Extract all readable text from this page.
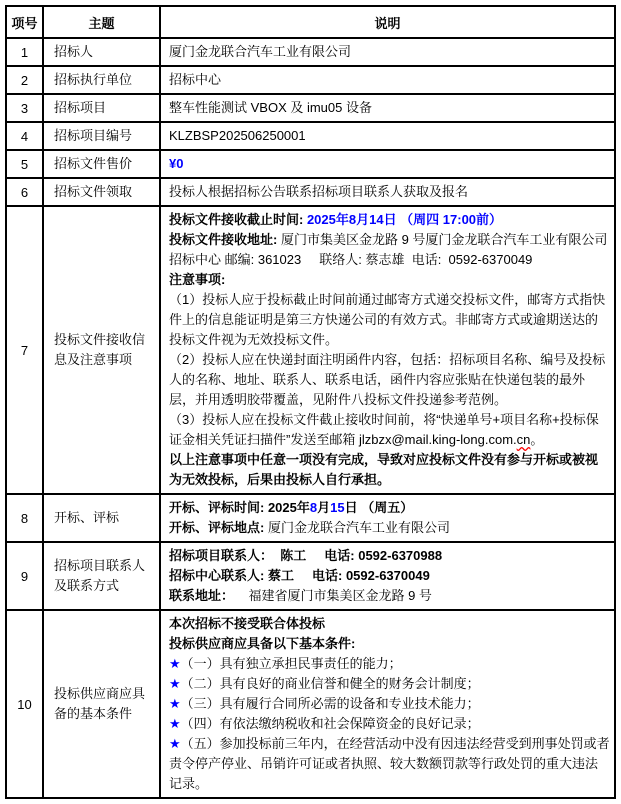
项号	主题	说明
1	招标人	厦门金龙联合汽车工业有限公司

2	招标执行单位	招标中心

3	招标项目	整车性能测试 VBOX 及 imu05 设备

4	招标项目编号	KLZBSP202506250001

5	招标文件售价	¥0

6	招标文件领取	投标人根据招标公告联系招标项目联系人获取及报名

7	投标文件接收信息及注意事项	
投标文件接收截止时间: 2025年8月14日 （周四 17:00前）
投标文件接收地址: 厦门市集美区金龙路 9 号厦门金龙联合汽车工业有限公司招标中心 邮编: 361023     联络人: 蔡志雄  电话:  0592-6370049
注意事项:
（1）投标人应于投标截止时间前通过邮寄方式递交投标文件，邮寄方式指快件上的信息能证明是第三方快递公司的有效方式。非邮寄方式或逾期送达的投标文件视为无效投标文件。
（2）投标人应在快递封面注明函件内容，包括：招标项目名称、编号及投标人的名称、地址、联系人、联系电话，函件内容应张贴在快递包装的最外层，并用透明胶带覆盖，见附件八投标文件投递参考范例。
（3）投标人应在投标文件截止接收时间前，将“快递单号+项目名称+投标保证金相关凭证扫描件”发送至邮箱 jlzbzx@mail.king-long.com.cn。
以上注意事项中任意一项没有完成，导致对应投标文件没有参与开标或被视为无效投标，后果由投标人自行承担。

8	开标、评标	开标、评标时间: 2025年8月15日 （周五）
开标、评标地点: 厦门金龙联合汽车工业有限公司

9	招标项目联系人及联系方式	招标项目联系人：  陈工     电话: 0592-6370988
招标中心联系人: 蔡工     电话: 0592-6370049
联系地址：    福建省厦门市集美区金龙路 9 号

10	投标供应商应具备的基本条件	
本次招标不接受联合体投标
投标供应商应具备以下基本条件:
★（一）具有独立承担民事责任的能力；
★（二）具有良好的商业信誉和健全的财务会计制度；
★（三）具有履行合同所必需的设备和专业技术能力；
★（四）有依法缴纳税收和社会保障资金的良好记录；
★（五）参加投标前三年内，在经营活动中没有因违法经营受到刑事处罚或者责令停产停业、吊销许可证或者执照、较大数额罚款等行政处罚的重大违法记录。
